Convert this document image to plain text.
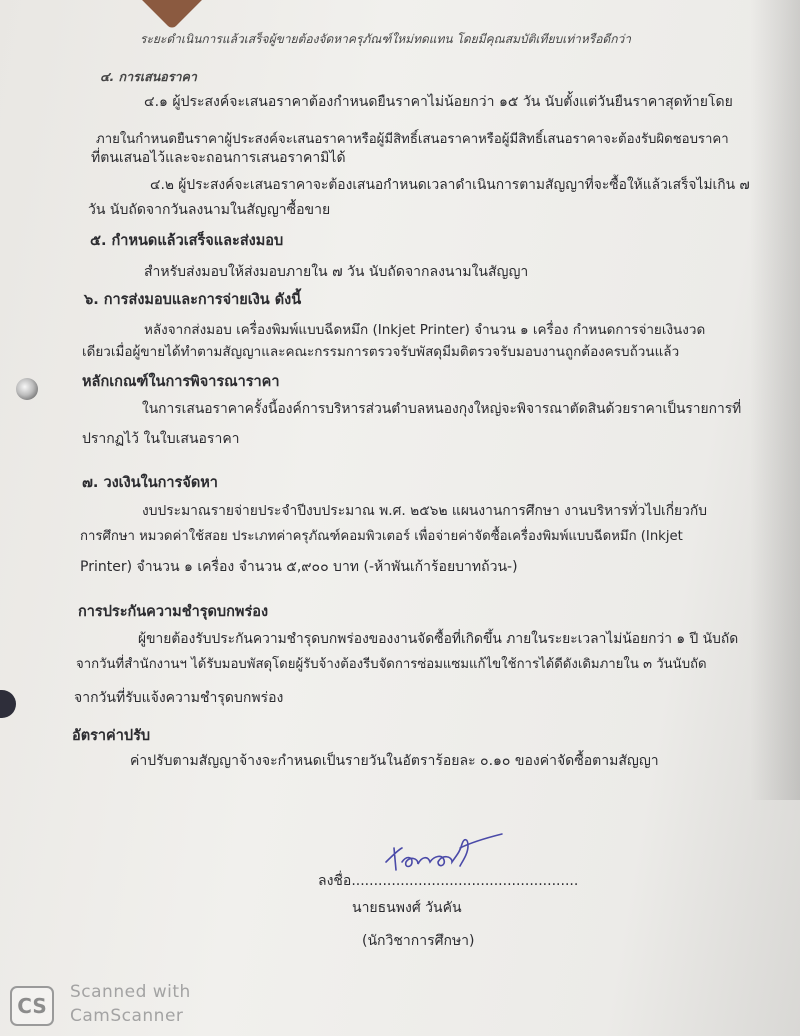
ระยะดำเนินการแล้วเสร็จผู้ขายต้องจัดหาครุภัณฑ์ใหม่ทดแทน โดยมีคุณสมบัติเทียบเท่าหรือดีกว่า
๔. การเสนอราคา
๔.๑ ผู้ประสงค์จะเสนอราคาต้องกำหนดยืนราคาไม่น้อยกว่า ๑๕ วัน นับตั้งแต่วันยืนราคาสุดท้ายโดย
ภายในกำหนดยืนราคาผู้ประสงค์จะเสนอราคาหรือผู้มีสิทธิ์เสนอราคาหรือผู้มีสิทธิ์เสนอราคาจะต้องรับผิดชอบราคา
ที่ตนเสนอไว้และจะถอนการเสนอราคามิได้
๔.๒ ผู้ประสงค์จะเสนอราคาจะต้องเสนอกำหนดเวลาดำเนินการตามสัญญาที่จะซื้อให้แล้วเสร็จไม่เกิน ๗
วัน นับถัดจากวันลงนามในสัญญาซื้อขาย
๕. กำหนดแล้วเสร็จและส่งมอบ
สำหรับส่งมอบให้ส่งมอบภายใน ๗ วัน นับถัดจากลงนามในสัญญา
๖. การส่งมอบและการจ่ายเงิน ดังนี้
หลังจากส่งมอบ เครื่องพิมพ์แบบฉีดหมึก (Inkjet Printer) จำนวน ๑ เครื่อง กำหนดการจ่ายเงินงวด
เดียวเมื่อผู้ขายได้ทำตามสัญญาและคณะกรรมการตรวจรับพัสดุมีมติตรวจรับมอบงานถูกต้องครบถ้วนแล้ว
หลักเกณฑ์ในการพิจารณาราคา
ในการเสนอราคาครั้งนี้องค์การบริหารส่วนตำบลหนองกุงใหญ่จะพิจารณาตัดสินด้วยราคาเป็นรายการที่
ปรากฏไว้ ในใบเสนอราคา
๗. วงเงินในการจัดหา
งบประมาณรายจ่ายประจำปีงบประมาณ พ.ศ. ๒๕๖๒ แผนงานการศึกษา งานบริหารทั่วไปเกี่ยวกับ
การศึกษา หมวดค่าใช้สอย ประเภทค่าครุภัณฑ์คอมพิวเตอร์ เพื่อจ่ายค่าจัดซื้อเครื่องพิมพ์แบบฉีดหมึก (Inkjet
Printer) จำนวน ๑ เครื่อง จำนวน ๕,๙๐๐ บาท (-ห้าพันเก้าร้อยบาทถ้วน-)
การประกันความชำรุดบกพร่อง
ผู้ขายต้องรับประกันความชำรุดบกพร่องของงานจัดซื้อที่เกิดขึ้น ภายในระยะเวลาไม่น้อยกว่า ๑ ปี นับถัด
จากวันที่สำนักงานฯ ได้รับมอบพัสดุโดยผู้รับจ้างต้องรีบจัดการซ่อมแซมแก้ไขใช้การได้ดีดังเดิมภายใน ๓ วันนับถัด
จากวันที่รับแจ้งความชำรุดบกพร่อง
อัตราค่าปรับ
ค่าปรับตามสัญญาจ้างจะกำหนดเป็นรายวันในอัตราร้อยละ ๐.๑๐ ของค่าจัดซื้อตามสัญญา
ลงชื่อ...................................................
นายธนพงศ์ วันคัน
(นักวิชาการศึกษา)
CS
Scanned with
CamScanner
